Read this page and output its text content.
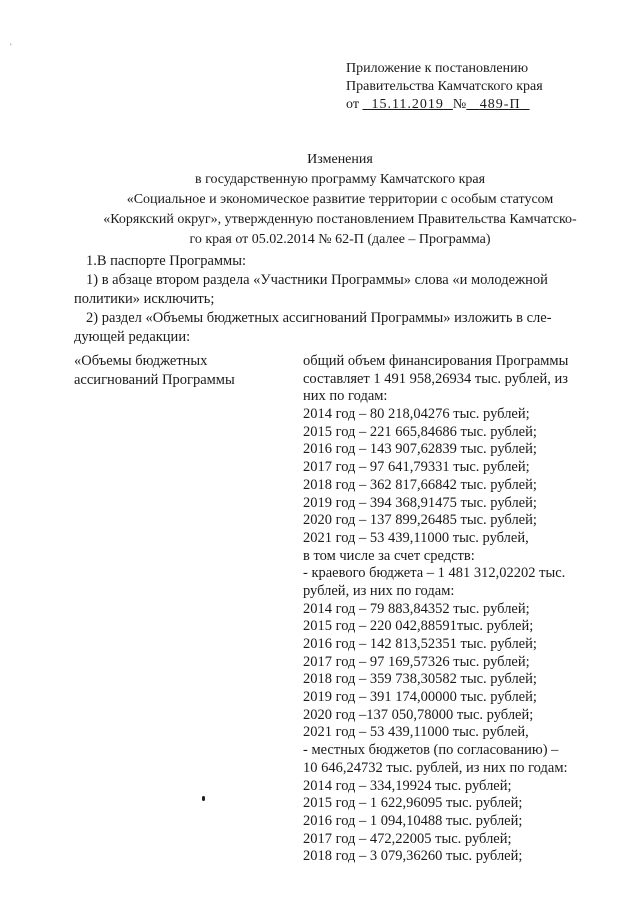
'
Приложение к постановлению
Правительства Камчатского края
от 15.11.2019 № 489-П
Изменения
в государственную программу Камчатского края
«Социальное и экономическое развитие территории с особым статусом
«Корякский округ», утвержденную постановлением Правительства Камчатско-
го края от 05.02.2014 № 62-П (далее – Программа)
1.В паспорте Программы:
1) в абзаце втором раздела «Участники Программы» слова «и молодежной
политики» исключить;
2) раздел «Объемы бюджетных ассигнований Программы» изложить в сле-
дующей редакции:
«Объемы бюджетных
ассигнований Программы
общий объем финансирования Программы
составляет 1 491 958,26934 тыс. рублей, из
них по годам:
2014 год – 80 218,04276 тыс. рублей;
2015 год – 221 665,84686 тыс. рублей;
2016 год – 143 907,62839 тыс. рублей;
2017 год – 97 641,79331 тыс. рублей;
2018 год – 362 817,66842 тыс. рублей;
2019 год – 394 368,91475 тыс. рублей;
2020 год – 137 899,26485 тыс. рублей;
2021 год – 53 439,11000 тыс. рублей,
в том числе за счет средств:
- краевого бюджета – 1 481 312,02202 тыс.
рублей, из них по годам:
2014 год – 79 883,84352 тыс. рублей;
2015 год – 220 042,88591тыс. рублей;
2016 год – 142 813,52351 тыс. рублей;
2017 год – 97 169,57326 тыс. рублей;
2018 год – 359 738,30582 тыс. рублей;
2019 год – 391 174,00000 тыс. рублей;
2020 год –137 050,78000 тыс. рублей;
2021 год – 53 439,11000 тыс. рублей,
- местных бюджетов (по согласованию) –
10 646,24732 тыс. рублей, из них по годам:
2014 год – 334,19924 тыс. рублей;
2015 год – 1 622,96095 тыс. рублей;
2016 год – 1 094,10488 тыс. рублей;
2017 год – 472,22005 тыс. рублей;
2018 год – 3 079,36260 тыс. рублей;
